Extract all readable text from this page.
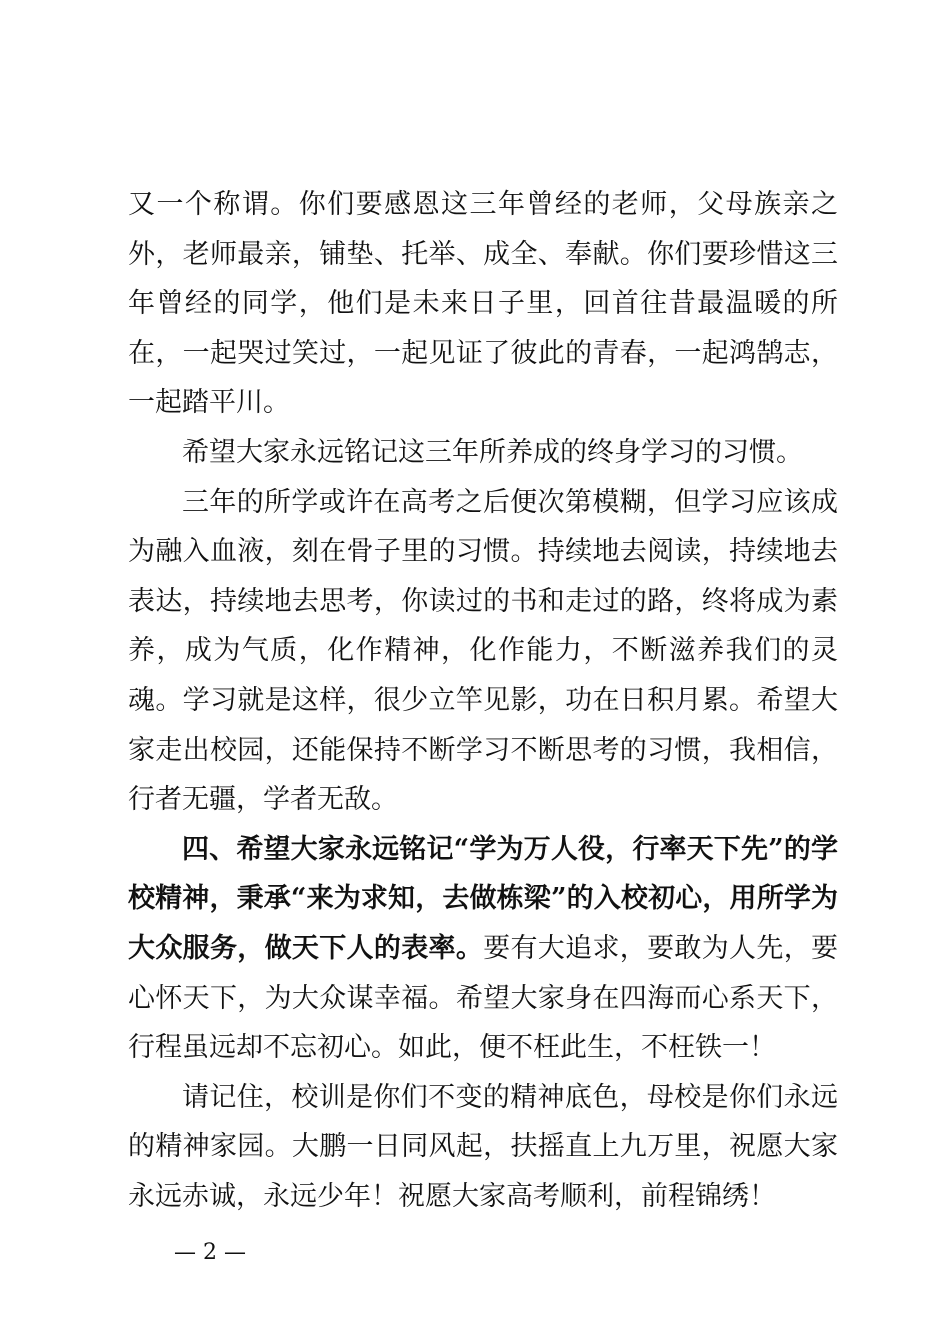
又一个称谓。你们要感恩这三年曾经的老师，父母族亲之外，老师最亲，铺垫、托举、成全、奉献。你们要珍惜这三年曾经的同学，他们是未来日子里，回首往昔最温暖的所在，一起哭过笑过，一起见证了彼此的青春，一起鸿鹄志，一起踏平川。

希望大家永远铭记这三年所养成的终身学习的习惯。

三年的所学或许在高考之后便次第模糊，但学习应该成为融入血液，刻在骨子里的习惯。持续地去阅读，持续地去表达，持续地去思考，你读过的书和走过的路，终将成为素养，成为气质，化作精神，化作能力，不断滋养我们的灵魂。学习就是这样，很少立竿见影，功在日积月累。希望大家走出校园，还能保持不断学习不断思考的习惯，我相信，行者无疆，学者无敌。

四、希望大家永远铭记“学为万人役，行率天下先”的学校精神，秉承“来为求知，去做栋梁”的入校初心，用所学为大众服务，做天下人的表率。要有大追求，要敢为人先，要心怀天下，为大众谋幸福。希望大家身在四海而心系天下，行程虽远却不忘初心。如此，便不枉此生，不枉铁一！

请记住，校训是你们不变的精神底色，母校是你们永远的精神家园。大鹏一日同风起，扶摇直上九万里，祝愿大家永远赤诚，永远少年！祝愿大家高考顺利，前程锦绣！

— 2 —
